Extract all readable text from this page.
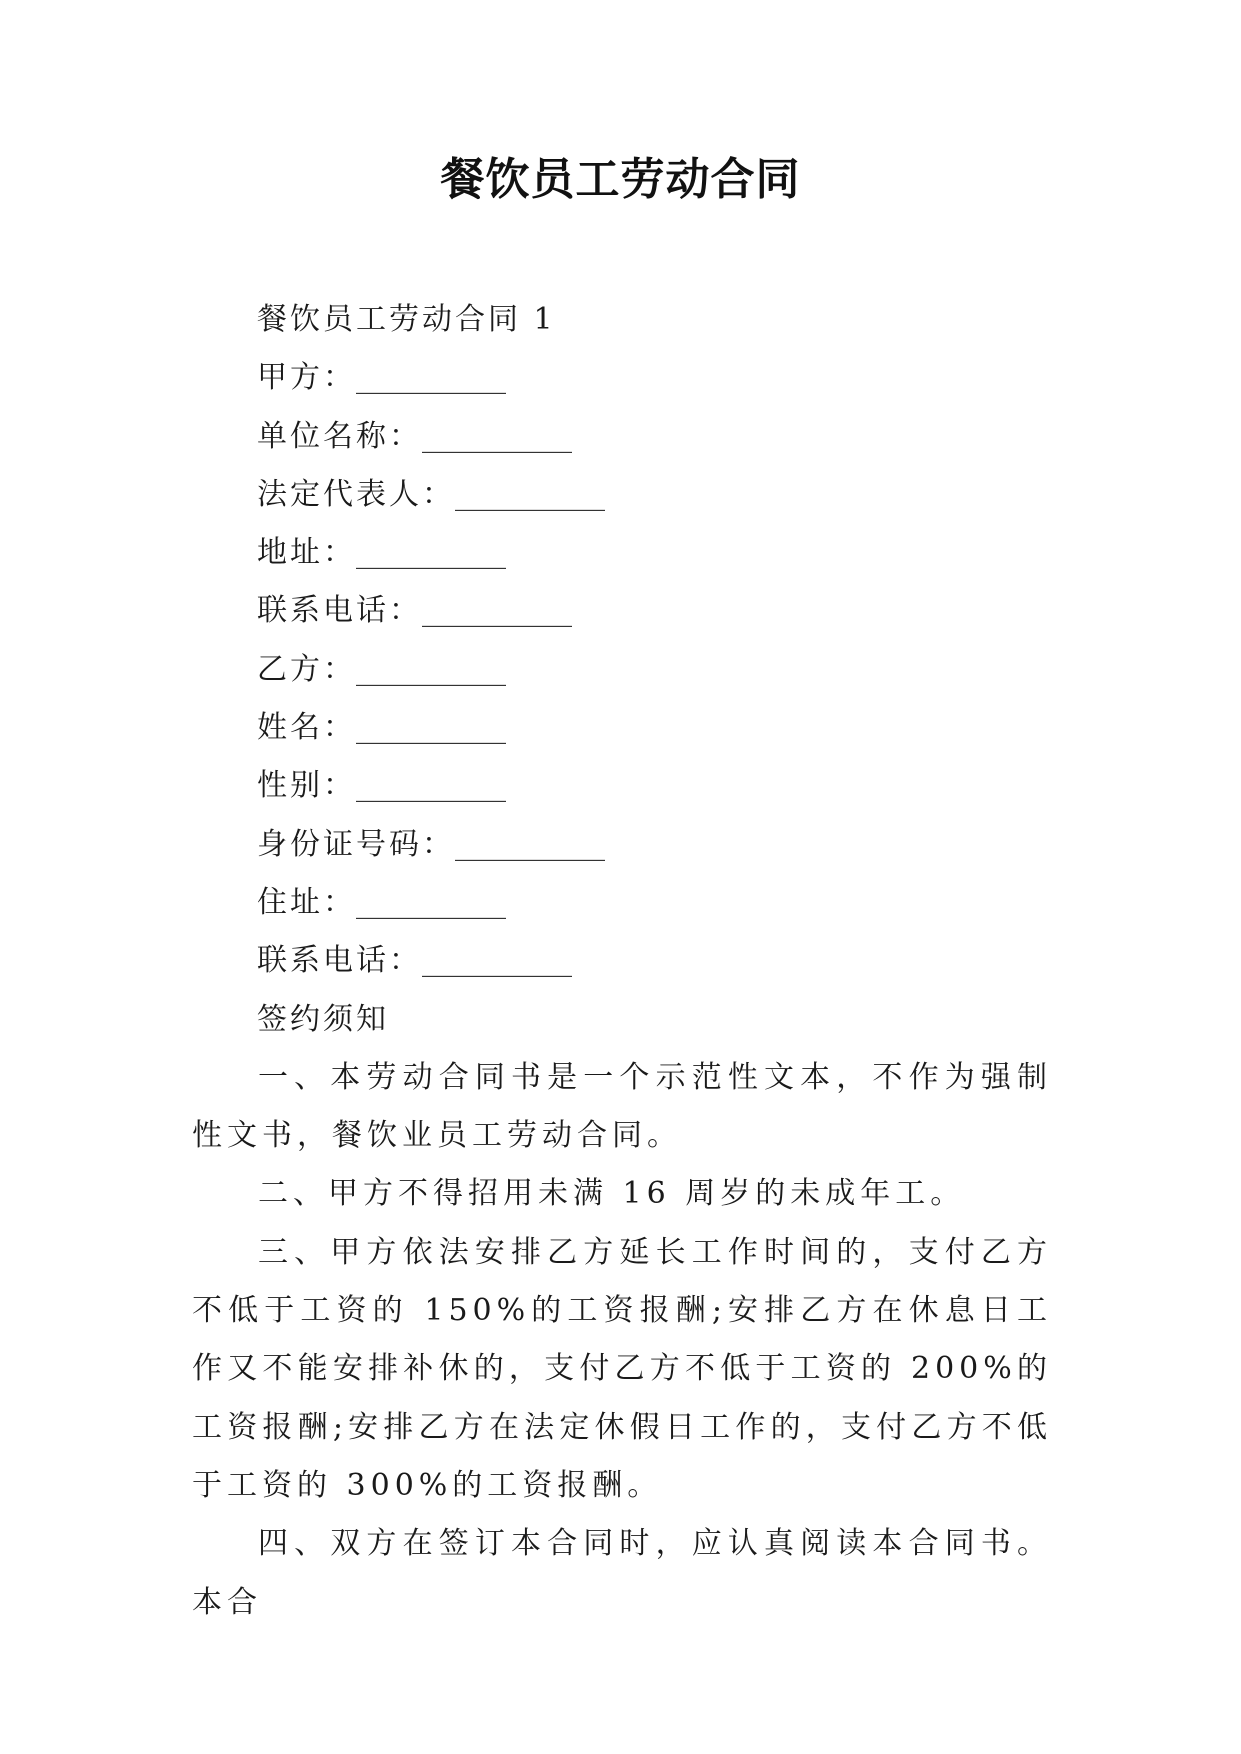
餐饮员工劳动合同
餐饮员工劳动合同 1
甲方：__________
单位名称：__________
法定代表人：__________
地址：__________
联系电话：__________
乙方：__________
姓名：__________
性别：__________
身份证号码：__________
住址：__________
联系电话：__________
签约须知

一、本劳动合同书是一个示范性文本，不作为强制性文书，餐饮业员工劳动合同。

二、甲方不得招用未满 16 周岁的未成年工。

三、甲方依法安排乙方延长工作时间的，支付乙方不低于工资的 150%的工资报酬;安排乙方在休息日工作又不能安排补休的，支付乙方不低于工资的 200%的工资报酬;安排乙方在法定休假日工作的，支付乙方不低于工资的 300%的工资报酬。

四、双方在签订本合同时，应认真阅读本合同书。本合
